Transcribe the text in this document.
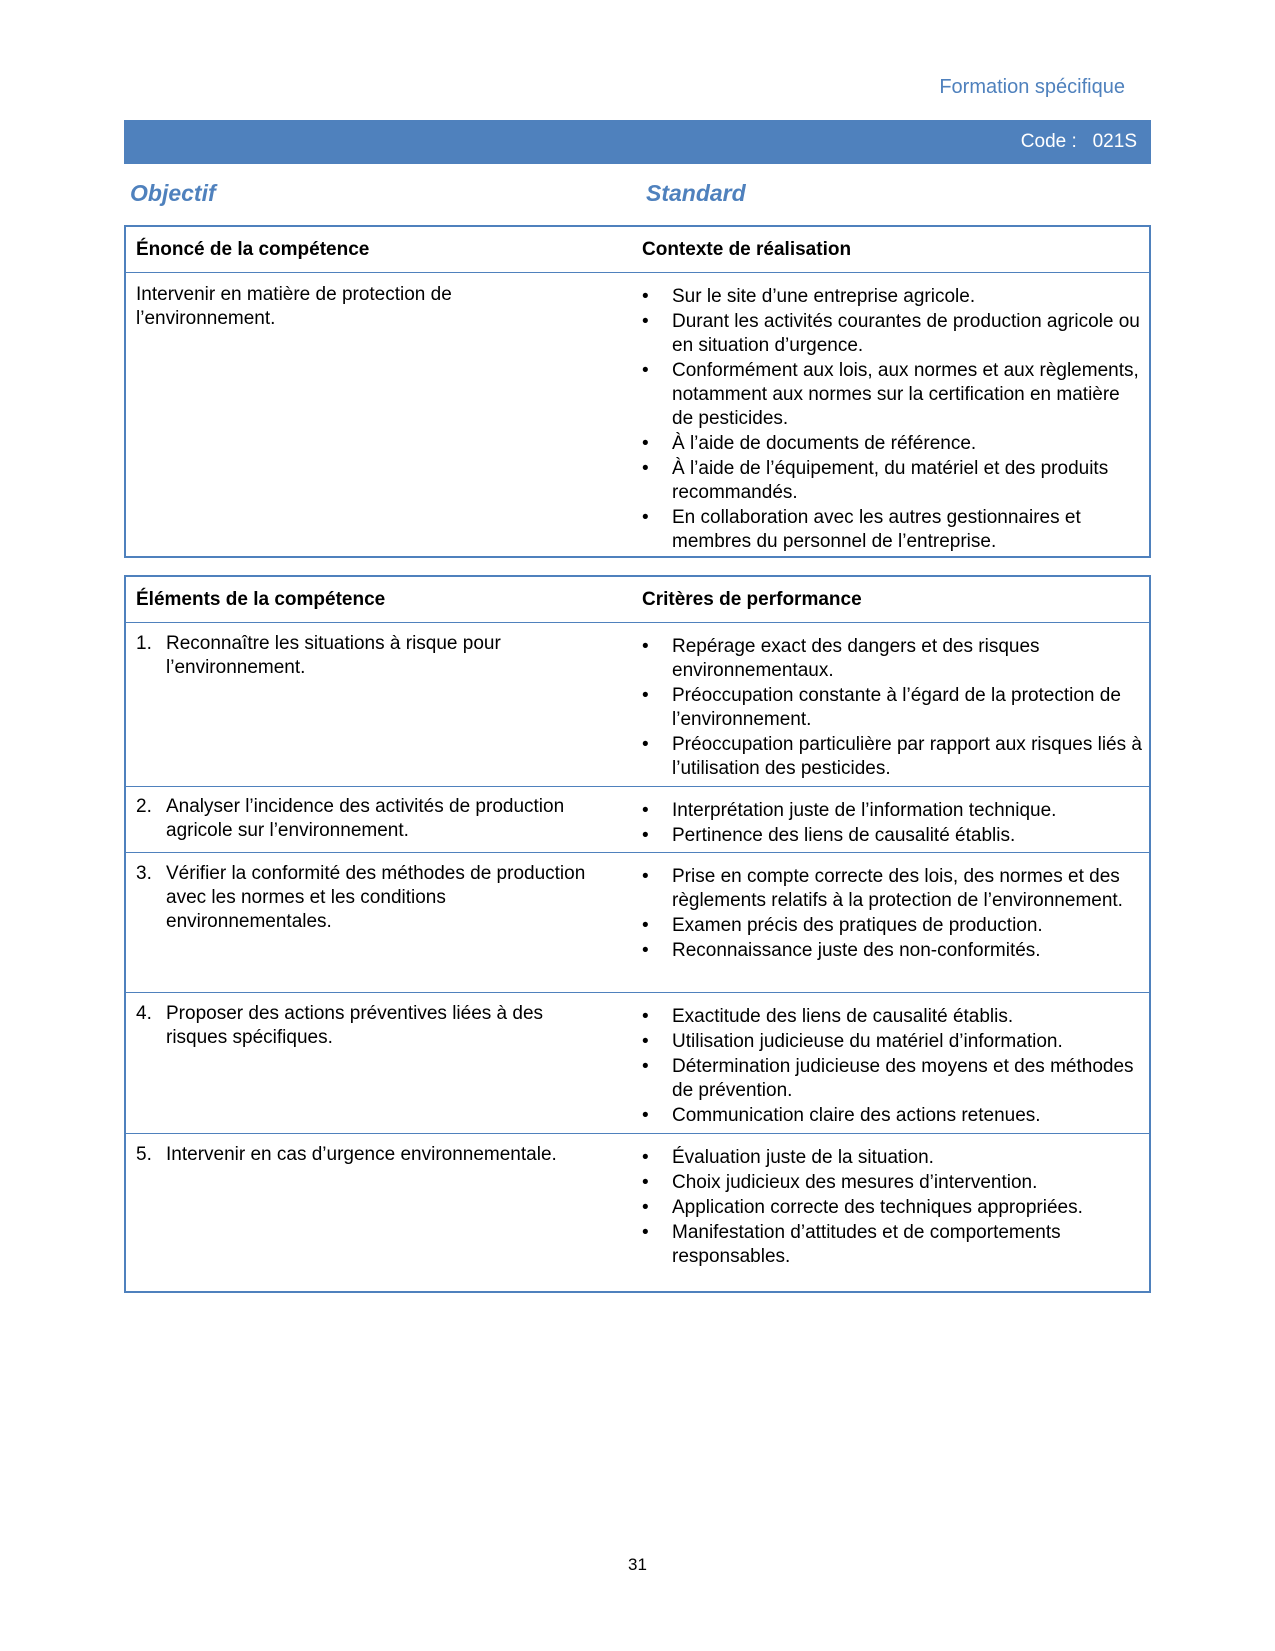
Formation spécifique
Code :   021S
Objectif	Standard
Énoncé de la compétence	Contexte de réalisation
Intervenir en matière de protection de
l’environnement.
• Sur le site d’une entreprise agricole.
• Durant les activités courantes de production agricole ou en situation d’urgence.
• Conformément aux lois, aux normes et aux règlements, notamment aux normes sur la certification en matière de pesticides.
• À l’aide de documents de référence.
• À l’aide de l’équipement, du matériel et des produits recommandés.
• En collaboration avec les autres gestionnaires et membres du personnel de l’entreprise.
Éléments de la compétence	Critères de performance
1. Reconnaître les situations à risque pour l’environnement.
• Repérage exact des dangers et des risques environnementaux.
• Préoccupation constante à l’égard de la protection de l’environnement.
• Préoccupation particulière par rapport aux risques liés à l’utilisation des pesticides.
2. Analyser l’incidence des activités de production agricole sur l’environnement.
• Interprétation juste de l’information technique.
• Pertinence des liens de causalité établis.
3. Vérifier la conformité des méthodes de production avec les normes et les conditions environnementales.
• Prise en compte correcte des lois, des normes et des règlements relatifs à la protection de l’environnement.
• Examen précis des pratiques de production.
• Reconnaissance juste des non-conformités.
4. Proposer des actions préventives liées à des risques spécifiques.
• Exactitude des liens de causalité établis.
• Utilisation judicieuse du matériel d’information.
• Détermination judicieuse des moyens et des méthodes de prévention.
• Communication claire des actions retenues.
5. Intervenir en cas d’urgence environnementale.
•	Évaluation juste de la situation.
• Choix judicieux des mesures d’intervention.
• Application correcte des techniques appropriées.
• Manifestation d’attitudes et de comportements responsables.
31
